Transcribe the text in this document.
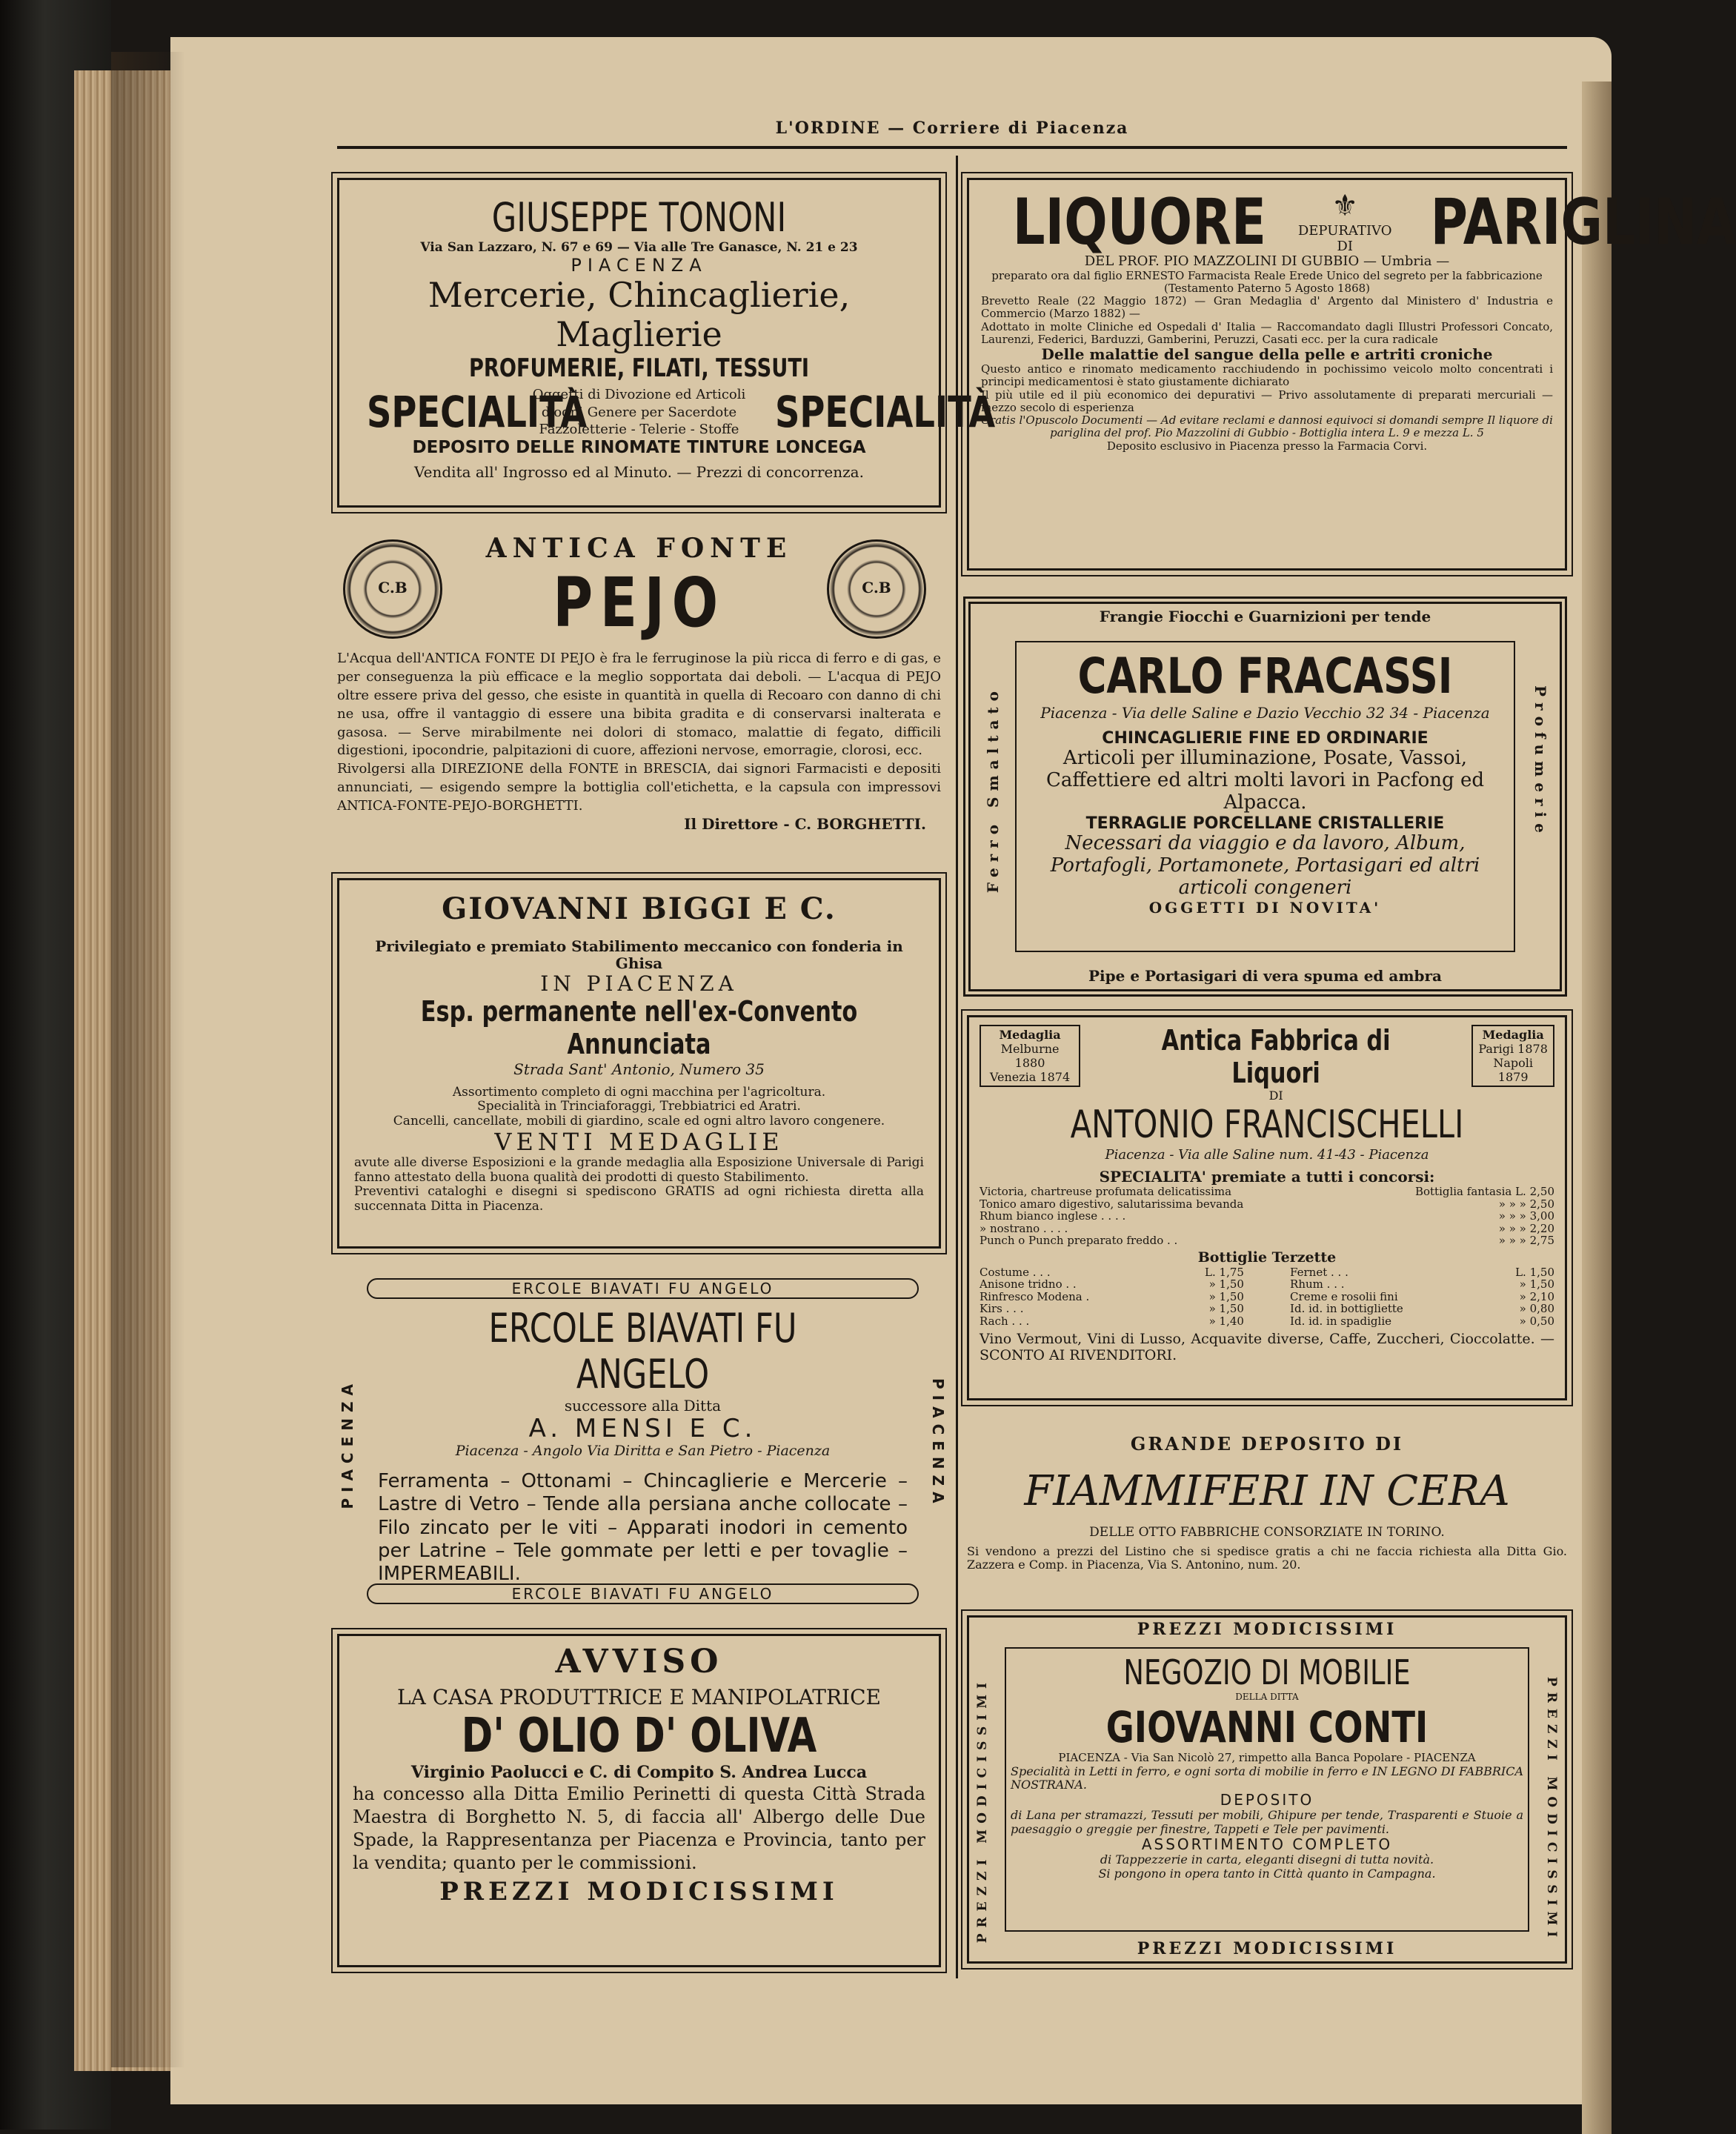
L'ORDINE — Corriere di Piacenza

GIUSEPPE TONONI

Via San Lazzaro, N. 67 e 69 — Via alle Tre Ganasce, N. 21 e 23

PIACENZA

Mercerie, Chincaglierie, Maglierie

PROFUMERIE, FILATI, TESSUTI

SPECIALITÀ
Oggetti di Divozione ed Articoli
d'ogni Genere per Sacerdote
Fazzoletterie - Telerie - Stoffe SPECIALITÀ

DEPOSITO DELLE RINOMATE TINTURE LONCEGA

Vendita all' Ingrosso ed al Minuto. — Prezzi di concorrenza.

C.B	C.B

ANTICA FONTE

PEJO

L'Acqua dell'ANTICA FONTE DI PEJO è fra le ferruginose la più ricca di ferro e di gas, e per conseguenza la più efficace e la meglio sopportata dai deboli. — L'acqua di PEJO oltre essere priva del gesso, che esiste in quantità in quella di Recoaro con danno di chi ne usa, offre il vantaggio di essere una bibita gradita e di conservarsi inalterata e gasosa. — Serve mirabilmente nei dolori di stomaco, malattie di fegato, difficili digestioni, ipocondrie, palpitazioni di cuore, affezioni nervose, emorragie, clorosi, ecc.

Rivolgersi alla DIREZIONE della FONTE in BRESCIA, dai signori Farmacisti e depositi annunciati, — esigendo sempre la bottiglia coll'etichetta, e la capsula con impressovi ANTICA-FONTE-PEJO-BORGHETTI.

Il Direttore - C. BORGHETTI.

GIOVANNI BIGGI E C.

Privilegiato e premiato Stabilimento meccanico con fonderia in Ghisa

IN PIACENZA

Esp. permanente nell'ex-Convento Annunciata

Strada Sant' Antonio, Numero 35

Assortimento completo di ogni macchina per l'agricoltura.

Specialità in Trinciaforaggi, Trebbiatrici ed Aratri.

Cancelli, cancellate, mobili di giardino, scale ed ogni altro lavoro congenere.

VENTI MEDAGLIE

avute alle diverse Esposizioni e la grande medaglia alla Esposizione Universale di Parigi fanno attestato della buona qualità dei prodotti di questo Stabilimento.

Preventivi cataloghi e disegni si spediscono GRATIS ad ogni richiesta diretta alla succennata Ditta in Piacenza.

ERCOLE BIAVATI FU ANGELO
ERCOLE BIAVATI FU ANGELO
PIACENZA	PIACENZA

ERCOLE BIAVATI FU ANGELO

successore alla Ditta

A. MENSI E C.

Piacenza - Angolo Via Diritta e San Pietro - Piacenza

Ferramenta – Ottonami – Chincaglierie e Mercerie – Lastre di Vetro – Tende alla persiana anche collocate – Filo zincato per le viti – Apparati inodori in cemento per Latrine – Tele gommate per letti e per tovaglie – IMPERMEABILI.

AVVISO

LA CASA PRODUTTRICE E MANIPOLATRICE

D' OLIO D' OLIVA

Virginio Paolucci e C. di Compito S. Andrea Lucca

ha concesso alla Ditta Emilio Perinetti di questa Città Strada Maestra di Borghetto N. 5, di faccia all' Albergo delle Due Spade, la Rappresentanza per Piacenza e Provincia, tanto per la vendita; quanto per le commissioni.

PREZZI MODICISSIMI

LIQUORE	⚜
DEPURATIVO DI	PARIGLINA

DEL PROF. PIO MAZZOLINI DI GUBBIO — Umbria —

preparato ora dal figlio ERNESTO Farmacista Reale Erede Unico del segreto per la fabbricazione (Testamento Paterno 5 Agosto 1868)

Brevetto Reale (22 Maggio 1872) — Gran Medaglia d' Argento dal Ministero d' Industria e Commercio (Marzo 1882) —

Adottato in molte Cliniche ed Ospedali d' Italia — Raccomandato dagli Illustri Professori Concato, Laurenzi, Federici, Barduzzi, Gamberini, Peruzzi, Casati ecc. per la cura radicale

Delle malattie del sangue della pelle e artriti croniche

Questo antico e rinomato medicamento racchiudendo in pochissimo veicolo molto concentrati i principi medicamentosi è stato giustamente dichiarato

Il più utile ed il più economico dei depurativi — Privo assolutamente di preparati mercuriali — mezzo secolo di esperienza

Gratis l'Opuscolo Documenti — Ad evitare reclami e dannosi equivoci si domandi sempre Il liquore di pariglina del prof. Pio Mazzolini di Gubbio - Bottiglia intera L. 9 e mezza L. 5

Deposito esclusivo in Piacenza presso la Farmacia Corvi.

Frangie Fiocchi e Guarnizioni per tende

Ferro Smaltato	Profumerie

CARLO FRACASSI

Piacenza - Via delle Saline e Dazio Vecchio 32 34 - Piacenza

CHINCAGLIERIE FINE ED ORDINARIE

Articoli per illuminazione, Posate, Vassoi, Caffettiere ed altri molti lavori in Pacfong ed Alpacca.

TERRAGLIE PORCELLANE CRISTALLERIE

Necessari da viaggio e da lavoro, Album, Portafogli, Portamonete, Portasigari ed altri articoli congeneri

OGGETTI DI NOVITA'

Pipe e Portasigari di vera spuma ed ambra

Medaglia
Melburne 1880
Venezia 1874

Antica Fabbrica di Liquori

DI

Medaglia
Parigi 1878
Napoli 1879

ANTONIO FRANCISCHELLI

Piacenza - Via alle Saline num. 41-43 - Piacenza

SPECIALITA' premiate a tutti i concorsi:

Victoria, chartreuse profumata delicatissima	Bottiglia fantasia L. 2,50
Tonico amaro digestivo, salutarissima bevanda	» » » 2,50
Rhum bianco inglese . . . .	» » » 3,00
» nostrano . . . .	» » » 2,20
Punch o Punch preparato freddo . .	» » » 2,75

Bottiglie Terzette

Costume . . .	L. 1,75
Anisone tridno . .	» 1,50
Rinfresco Modena .	» 1,50
Kirs . . .	» 1,50
Rach . . .	» 1,40
Fernet . . .	L. 1,50
Rhum . . .	» 1,50
Creme e rosolii fini	» 2,10
Id. id. in bottigliette	» 0,80
Id. id. in spadiglie	» 0,50

Vino Vermout, Vini di Lusso, Acquavite diverse, Caffe, Zuccheri, Cioccolatte. — SCONTO AI RIVENDITORI.

GRANDE DEPOSITO DI

FIAMMIFERI IN CERA

DELLE OTTO FABBRICHE CONSORZIATE IN TORINO.

Si vendono a prezzi del Listino che si spedisce gratis a chi ne faccia richiesta alla Ditta Gio. Zazzera e Comp. in Piacenza, Via S. Antonino, num. 20.

PREZZI MODICISSIMI

PREZZI MODICISSIMI	PREZZI MODICISSIMI

NEGOZIO DI MOBILIE

DELLA DITTA

GIOVANNI CONTI

PIACENZA - Via San Nicolò 27, rimpetto alla Banca Popolare - PIACENZA

Specialità in Letti in ferro, e ogni sorta di mobilie in ferro e IN LEGNO DI FABBRICA NOSTRANA.

DEPOSITO

di Lana per stramazzi, Tessuti per mobili, Ghipure per tende, Trasparenti e Stuoie a paesaggio o greggie per finestre, Tappeti e Tele per pavimenti.

ASSORTIMENTO COMPLETO

di Tappezzerie in carta, eleganti disegni di tutta novità.

Si pongono in opera tanto in Città quanto in Campagna.

PREZZI MODICISSIMI
